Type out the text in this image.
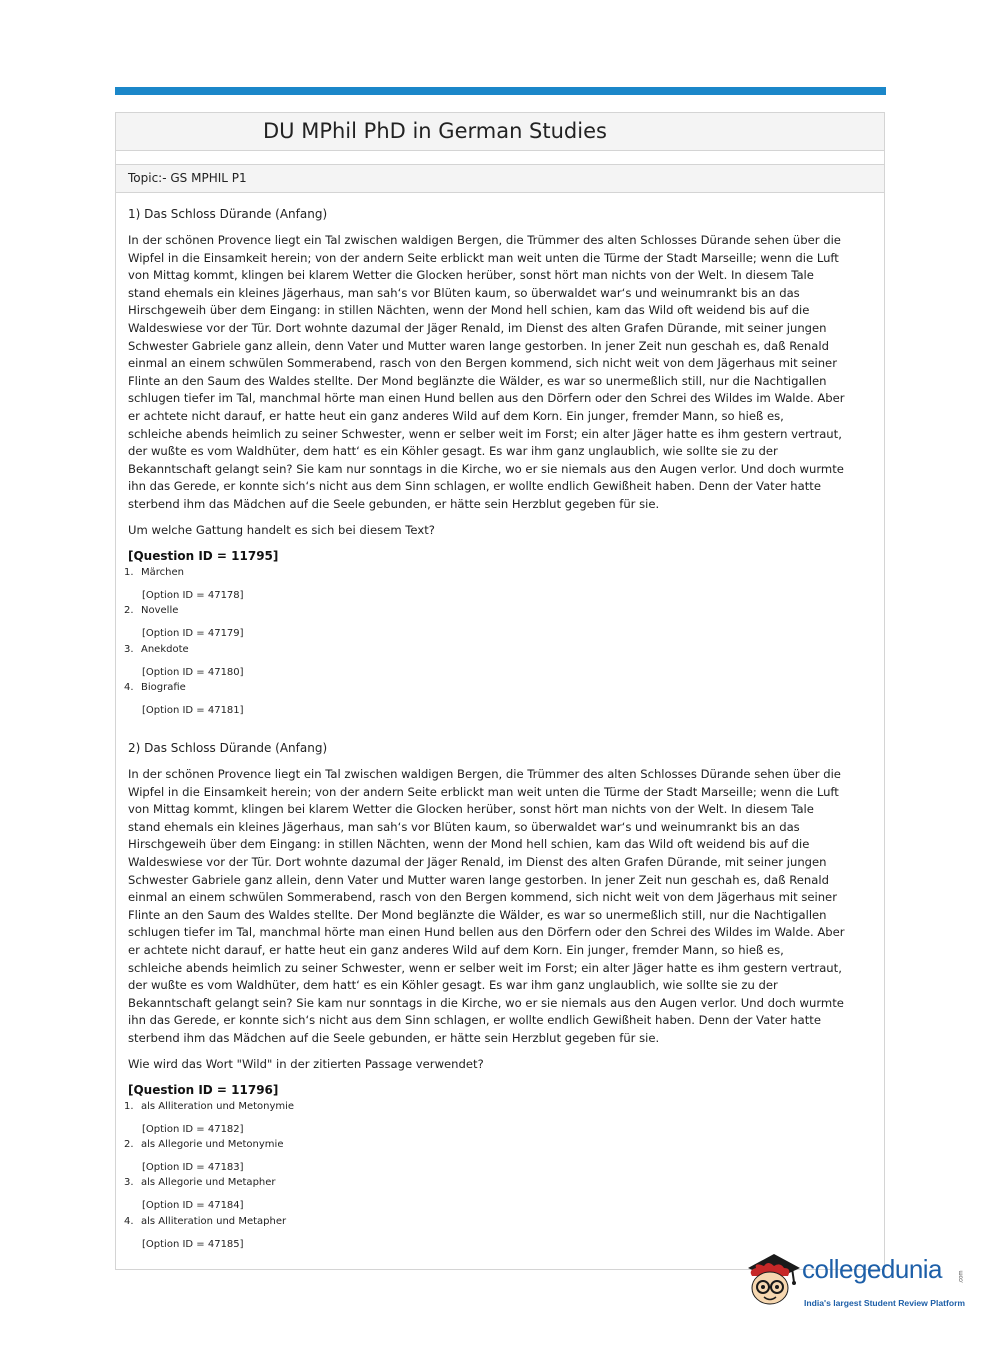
DU MPhil PhD in German Studies
Topic:- GS MPHIL P1
1) Das Schloss Dürande (Anfang)

In der schönen Provence liegt ein Tal zwischen waldigen Bergen, die Trümmer des alten Schlosses Dürande sehen über die
Wipfel in die Einsamkeit herein; von der andern Seite erblickt man weit unten die Türme der Stadt Marseille; wenn die Luft
von Mittag kommt, klingen bei klarem Wetter die Glocken herüber, sonst hört man nichts von der Welt. In diesem Tale
stand ehemals ein kleines Jägerhaus, man sah‘s vor Blüten kaum, so überwaldet war‘s und weinumrankt bis an das
Hirschgeweih über dem Eingang: in stillen Nächten, wenn der Mond hell schien, kam das Wild oft weidend bis auf die
Waldeswiese vor der Tür. Dort wohnte dazumal der Jäger Renald, im Dienst des alten Grafen Dürande, mit seiner jungen
Schwester Gabriele ganz allein, denn Vater und Mutter waren lange gestorben. In jener Zeit nun geschah es, daß Renald
einmal an einem schwülen Sommerabend, rasch von den Bergen kommend, sich nicht weit von dem Jägerhaus mit seiner
Flinte an den Saum des Waldes stellte. Der Mond beglänzte die Wälder, es war so unermeßlich still, nur die Nachtigallen
schlugen tiefer im Tal, manchmal hörte man einen Hund bellen aus den Dörfern oder den Schrei des Wildes im Walde. Aber
er achtete nicht darauf, er hatte heut ein ganz anderes Wild auf dem Korn. Ein junger, fremder Mann, so hieß es,
schleiche abends heimlich zu seiner Schwester, wenn er selber weit im Forst; ein alter Jäger hatte es ihm gestern vertraut,
der wußte es vom Waldhüter, dem hatt‘ es ein Köhler gesagt. Es war ihm ganz unglaublich, wie sollte sie zu der
Bekanntschaft gelangt sein? Sie kam nur sonntags in die Kirche, wo er sie niemals aus den Augen verlor. Und doch wurmte
ihn das Gerede, er konnte sich‘s nicht aus dem Sinn schlagen, er wollte endlich Gewißheit haben. Denn der Vater hatte
sterbend ihm das Mädchen auf die Seele gebunden, er hätte sein Herzblut gegeben für sie.

Um welche Gattung handelt es sich bei diesem Text?
[Question ID = 11795]
1. Märchen
[Option ID = 47178]
2. Novelle
[Option ID = 47179]
3. Anekdote
[Option ID = 47180]
4. Biografie
[Option ID = 47181]
2) Das Schloss Dürande (Anfang)

In der schönen Provence liegt ein Tal zwischen waldigen Bergen, die Trümmer des alten Schlosses Dürande sehen über die
Wipfel in die Einsamkeit herein; von der andern Seite erblickt man weit unten die Türme der Stadt Marseille; wenn die Luft
von Mittag kommt, klingen bei klarem Wetter die Glocken herüber, sonst hört man nichts von der Welt. In diesem Tale
stand ehemals ein kleines Jägerhaus, man sah‘s vor Blüten kaum, so überwaldet war‘s und weinumrankt bis an das
Hirschgeweih über dem Eingang: in stillen Nächten, wenn der Mond hell schien, kam das Wild oft weidend bis auf die
Waldeswiese vor der Tür. Dort wohnte dazumal der Jäger Renald, im Dienst des alten Grafen Dürande, mit seiner jungen
Schwester Gabriele ganz allein, denn Vater und Mutter waren lange gestorben. In jener Zeit nun geschah es, daß Renald
einmal an einem schwülen Sommerabend, rasch von den Bergen kommend, sich nicht weit von dem Jägerhaus mit seiner
Flinte an den Saum des Waldes stellte. Der Mond beglänzte die Wälder, es war so unermeßlich still, nur die Nachtigallen
schlugen tiefer im Tal, manchmal hörte man einen Hund bellen aus den Dörfern oder den Schrei des Wildes im Walde. Aber
er achtete nicht darauf, er hatte heut ein ganz anderes Wild auf dem Korn. Ein junger, fremder Mann, so hieß es,
schleiche abends heimlich zu seiner Schwester, wenn er selber weit im Forst; ein alter Jäger hatte es ihm gestern vertraut,
der wußte es vom Waldhüter, dem hatt‘ es ein Köhler gesagt. Es war ihm ganz unglaublich, wie sollte sie zu der
Bekanntschaft gelangt sein? Sie kam nur sonntags in die Kirche, wo er sie niemals aus den Augen verlor. Und doch wurmte
ihn das Gerede, er konnte sich‘s nicht aus dem Sinn schlagen, er wollte endlich Gewißheit haben. Denn der Vater hatte
sterbend ihm das Mädchen auf die Seele gebunden, er hätte sein Herzblut gegeben für sie.

Wie wird das Wort "Wild" in der zitierten Passage verwendet?
[Question ID = 11796]
1. als Alliteration und Metonymie
[Option ID = 47182]
2. als Allegorie und Metonymie
[Option ID = 47183]
3. als Allegorie und Metapher
[Option ID = 47184]
4. als Alliteration und Metapher
[Option ID = 47185]
collegedunia	.com
India's largest Student Review Platform
